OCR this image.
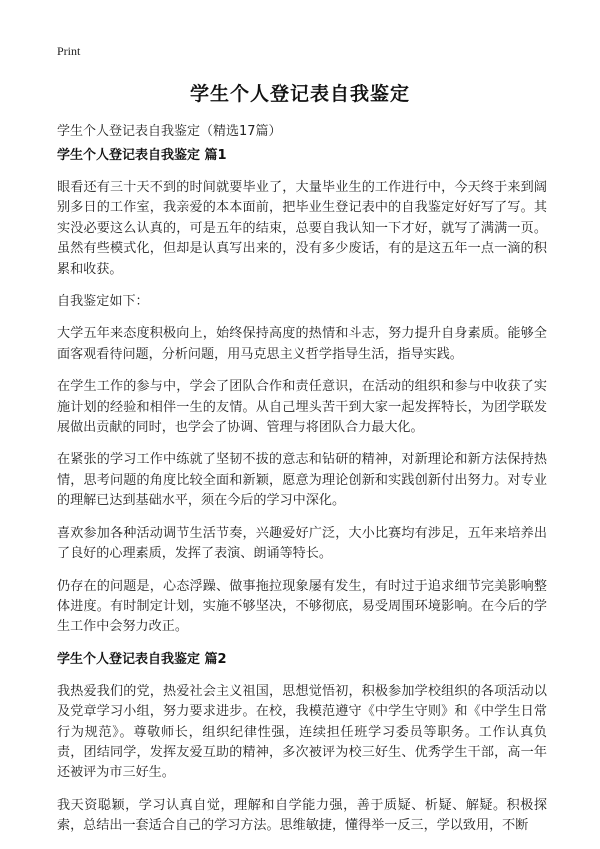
Print
学生个人登记表自我鉴定
学生个人登记表自我鉴定（精选17篇）
学生个人登记表自我鉴定 篇1

眼看还有三十天不到的时间就要毕业了，大量毕业生的工作进行中，今天终于来到阔别多日的工作室，我亲爱的本本面前，把毕业生登记表中的自我鉴定好好写了写。其实没必要这么认真的，可是五年的结束，总要自我认知一下才好，就写了满满一页。虽然有些模式化，但却是认真写出来的，没有多少废话，有的是这五年一点一滴的积累和收获。

自我鉴定如下：

大学五年来态度积极向上，始终保持高度的热情和斗志，努力提升自身素质。能够全面客观看待问题，分析问题，用马克思主义哲学指导生活，指导实践。

在学生工作的参与中，学会了团队合作和责任意识，在活动的组织和参与中收获了实施计划的经验和相伴一生的友情。从自己埋头苦干到大家一起发挥特长，为团学联发展做出贡献的同时，也学会了协调、管理与将团队合力最大化。

在紧张的学习工作中练就了坚韧不拔的意志和钻研的精神，对新理论和新方法保持热情，思考问题的角度比较全面和新颖，愿意为理论创新和实践创新付出努力。对专业的理解已达到基础水平，须在今后的学习中深化。

喜欢参加各种活动调节生活节奏，兴趣爱好广泛，大小比赛均有涉足，五年来培养出了良好的心理素质，发挥了表演、朗诵等特长。

仍存在的问题是，心态浮躁、做事拖拉现象屡有发生，有时过于追求细节完美影响整体进度。有时制定计划，实施不够坚决，不够彻底，易受周围环境影响。在今后的学生工作中会努力改正。

学生个人登记表自我鉴定 篇2

我热爱我们的党，热爱社会主义祖国，思想觉悟初，积极参加学校组织的各项活动以及党章学习小组，努力要求进步。在校，我模范遵守《中学生守则》和《中学生日常行为规范》。尊敬师长，组织纪律性强，连续担任班学习委员等职务。工作认真负责，团结同学，发挥友爱互助的精神，多次被评为校三好生、优秀学生干部，高一年还被评为市三好生。

我天资聪颖，学习认真自觉，理解和自学能力强，善于质疑、析疑、解疑。积极探索，总结出一套适合自己的学习方法。思维敏捷，懂得举一反三，学以致用，不断
